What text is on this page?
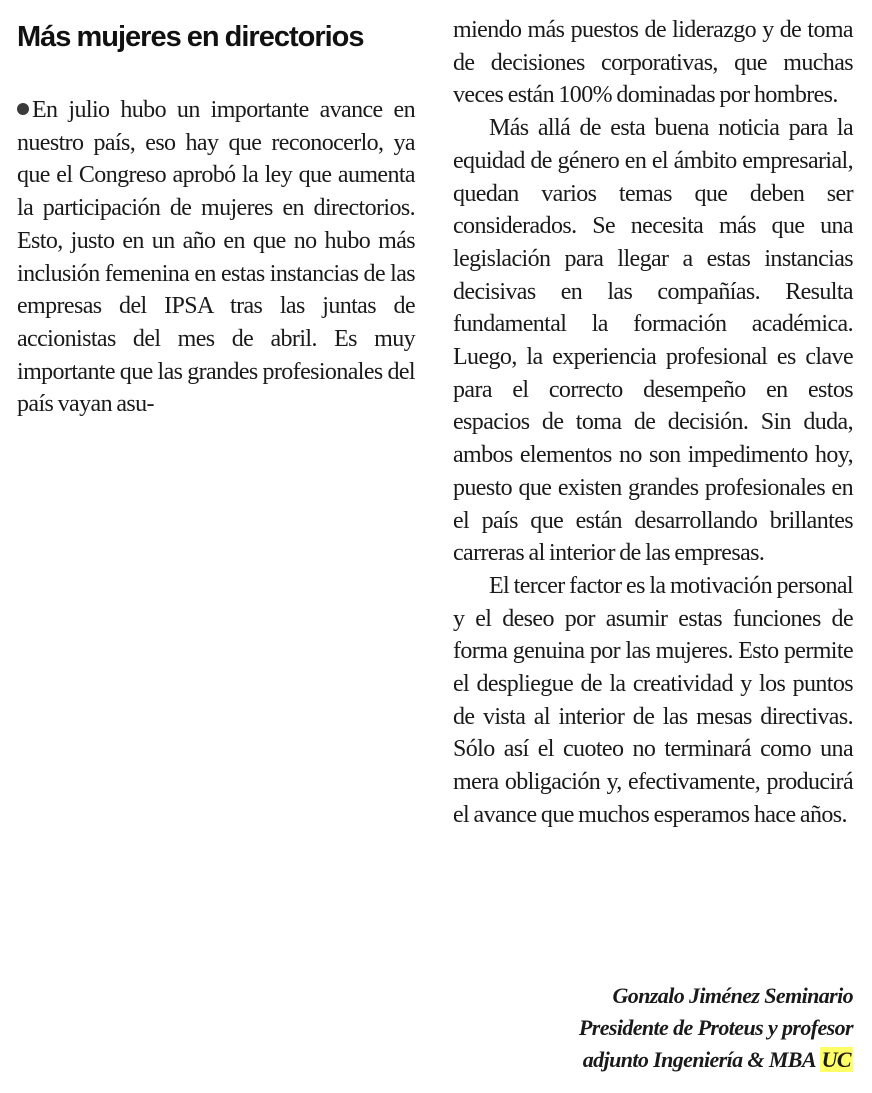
Más mujeres en directorios

En julio hubo un importante avance en nuestro país, eso hay que reconocerlo, ya que el Congreso aprobó la ley que aumenta la participación de mujeres en directorios. Esto, justo en un año en que no hubo más inclusión femenina en estas instancias de las empresas del IPSA tras las juntas de accionistas del mes de abril. Es muy importante que las grandes profesionales del país vayan asu-

miendo más puestos de liderazgo y de toma de decisiones corporativas, que muchas veces están 100% dominadas por hombres.

Más allá de esta buena noticia para la equidad de género en el ámbito empresarial, quedan varios temas que deben ser considerados. Se necesita más que una legislación para llegar a estas instancias decisivas en las compañías. Resulta fundamental la formación académica. Luego, la experiencia profesional es clave para el correcto desempeño en estos espacios de toma de decisión. Sin duda, ambos elementos no son impedimento hoy, puesto que existen grandes profesionales en el país que están desarrollando brillantes carreras al interior de las empresas.

El tercer factor es la motivación personal y el deseo por asumir estas funciones de forma genuina por las mujeres. Esto permite el despliegue de la creatividad y los puntos de vista al interior de las mesas directivas. Sólo así el cuoteo no terminará como una mera obligación y, efectivamente, producirá el avance que muchos esperamos hace años.

Gonzalo Jiménez Seminario
Presidente de Proteus y profesor
adjunto Ingeniería & MBA UC
